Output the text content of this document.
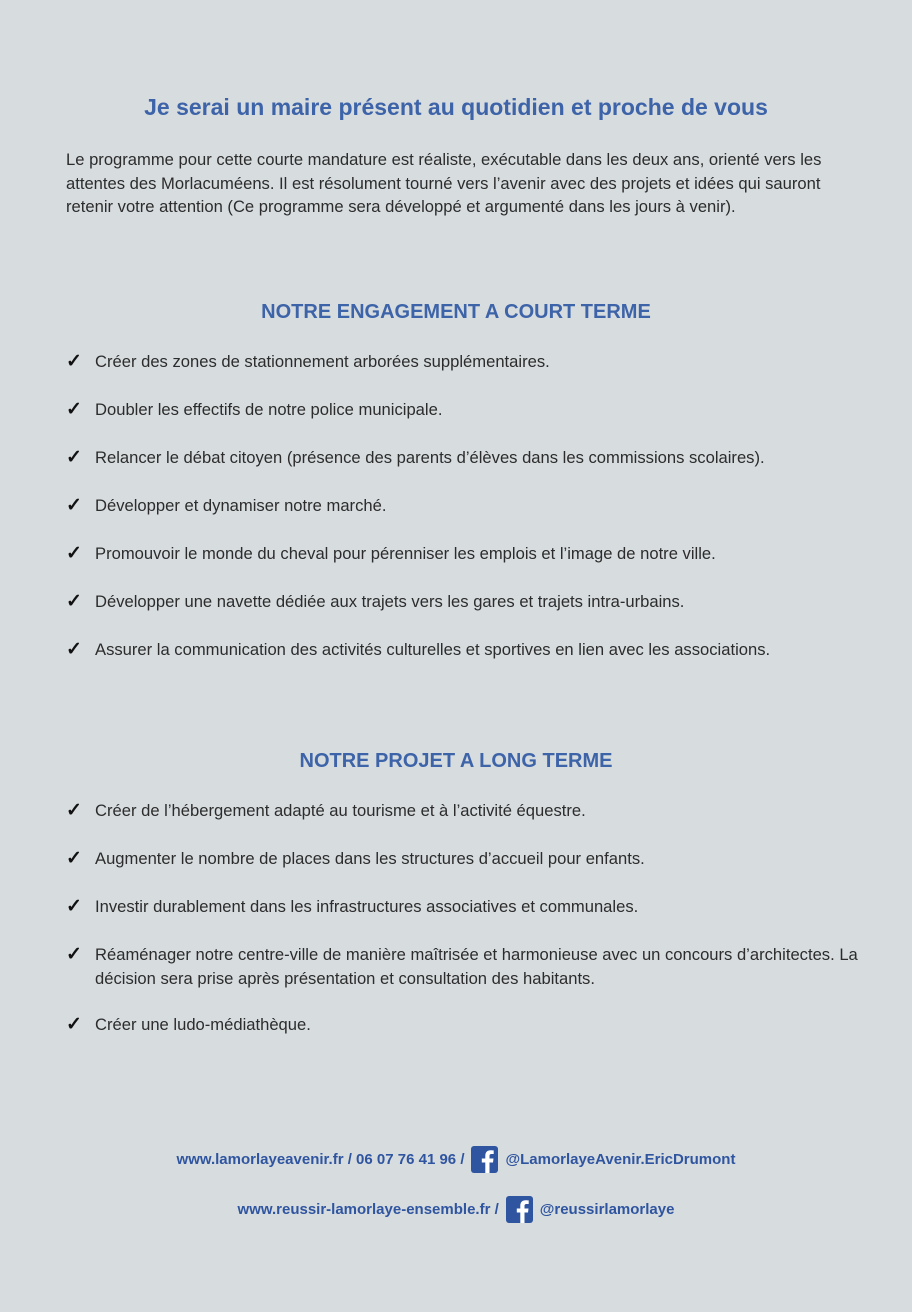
Je serai un maire présent au quotidien et proche de vous

Le programme pour cette courte mandature est réaliste, exécutable dans les deux ans, orienté vers les attentes des Morlacuméens. Il est résolument tourné vers l’avenir avec des projets et idées qui sauront retenir votre attention (Ce programme sera développé et argumenté dans les jours à venir).

NOTRE ENGAGEMENT A COURT TERME
✓ Créer des zones de stationnement arborées supplémentaires.
✓ Doubler les effectifs de notre police municipale.
✓ Relancer le débat citoyen (présence des parents d’élèves dans les commissions scolaires).
✓ Développer et dynamiser notre marché.
✓ Promouvoir le monde du cheval pour pérenniser les emplois et l’image de notre ville.
✓ Développer une navette dédiée aux trajets vers les gares et trajets intra-urbains.
✓ Assurer la communication des activités culturelles et sportives en lien avec les associations.
NOTRE PROJET A LONG TERME
✓ Créer de l’hébergement adapté au tourisme et à l’activité équestre.
✓ Augmenter le nombre de places dans les structures d’accueil pour enfants.
✓ Investir durablement dans les infrastructures associatives et communales.
✓ Réaménager notre centre-ville de manière maîtrisée et harmonieuse avec un concours d’architectes. La décision sera prise après présentation et consultation des habitants.
✓ Créer une ludo-médiathèque.
www.lamorlayeavenir.fr / 06 07 76 41 96 /	@LamorlayeAvenir.EricDrumont
www.reussir-lamorlaye-ensemble.fr /	@reussirlamorlaye
